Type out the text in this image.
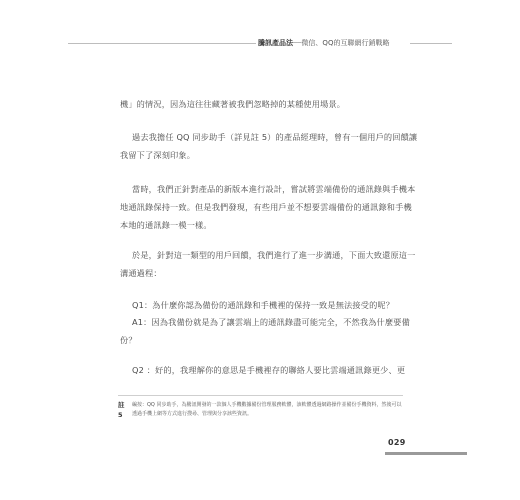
騰訊產品法──微信、QQ的互聯網行銷戰略
機」的情況，因為這往往藏著被我們忽略掉的某種使用場景。
過去我擔任 QQ 同步助手（詳見註 5）的產品經理時，曾有一個用戶的回饋讓我留下了深刻印象。
當時，我們正針對產品的新版本進行設計，嘗試將雲端備份的通訊錄與手機本地通訊錄保持一致。但是我們發現，有些用戶並不想要雲端備份的通訊錄和手機本地的通訊錄一模一樣。
於是，針對這一類型的用戶回饋，我們進行了進一步溝通，下面大致還原這一溝通過程：
Q1：為什麼你認為備份的通訊錄和手機裡的保持一致是無法接受的呢？
A1：因為我備份就是為了讓雲端上的通訊錄盡可能完全，不然我為什麼要備份？
Q2 ：好的，我理解你的意思是手機裡存的聯絡人要比雲端通訊錄更少、更
註 5
編按：QQ 同步助手，為騰訊開發的一款個人手機數據備份管理服務軟體，該軟體透過網路操作並備份手機資料，然後可以透過手機上網等方式進行搜尋、管理與分享該些資訊。
029
